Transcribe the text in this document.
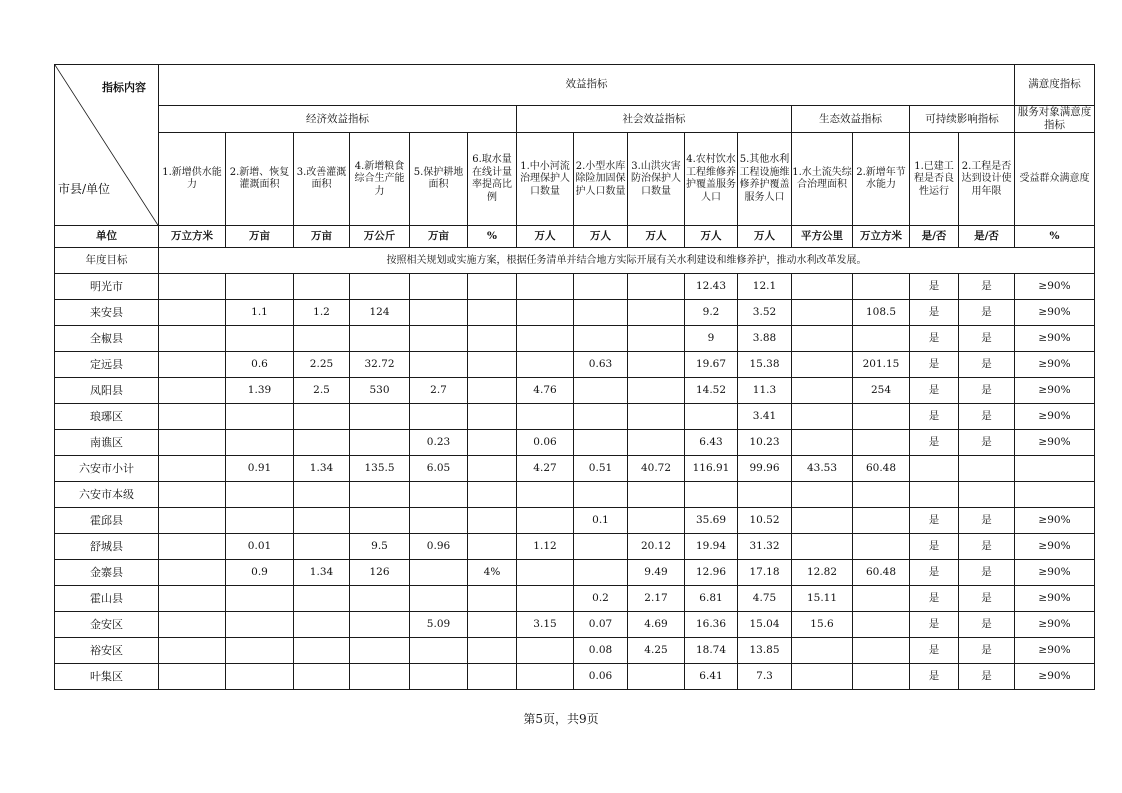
指标内容
市县/单位	效益指标															满意度指标
	经济效益指标						社会效益指标					生态效益指标		可持续影响指标		服务对象满意度指标
	1.新增供水能力	2.新增、恢复灌溉面积	3.改善灌溉面积	4.新增粮食综合生产能力	5.保护耕地面积	6.取水量在线计量率提高比例	1.中小河流治理保护人口数量	2.小型水库除险加固保护人口数量	3.山洪灾害防治保护人口数量	4.农村饮水工程维修养护覆盖服务人口	5.其他水利工程设施维修养护覆盖服务人口	1.水土流失综合治理面积	2.新增年节水能力	1.已建工程是否良性运行	2.工程是否达到设计使用年限	受益群众满意度
单位	万立方米	万亩	万亩	万公斤	万亩	%	万人	万人	万人	万人	万人	平方公里	万立方米	是/否	是/否	%
年度目标	按照相关规划或实施方案，根据任务清单并结合地方实际开展有关水利建设和维修养护，推动水利改革发展。															
明光市										12.43	12.1			是	是	≥90%
来安县		1.1	1.2	124						9.2	3.52		108.5	是	是	≥90%
全椒县										9	3.88			是	是	≥90%
定远县		0.6	2.25	32.72				0.63		19.67	15.38		201.15	是	是	≥90%
凤阳县		1.39	2.5	530	2.7		4.76			14.52	11.3		254	是	是	≥90%
琅琊区											3.41			是	是	≥90%
南谯区					0.23		0.06			6.43	10.23			是	是	≥90%
六安市小计		0.91	1.34	135.5	6.05		4.27	0.51	40.72	116.91	99.96	43.53	60.48			
六安市本级																
霍邱县								0.1		35.69	10.52			是	是	≥90%
舒城县		0.01		9.5	0.96		1.12		20.12	19.94	31.32			是	是	≥90%
金寨县		0.9	1.34	126		4%			9.49	12.96	17.18	12.82	60.48	是	是	≥90%
霍山县								0.2	2.17	6.81	4.75	15.11		是	是	≥90%
金安区					5.09		3.15	0.07	4.69	16.36	15.04	15.6		是	是	≥90%
裕安区								0.08	4.25	18.74	13.85			是	是	≥90%
叶集区								0.06		6.41	7.3			是	是	≥90%
第5页，共9页
